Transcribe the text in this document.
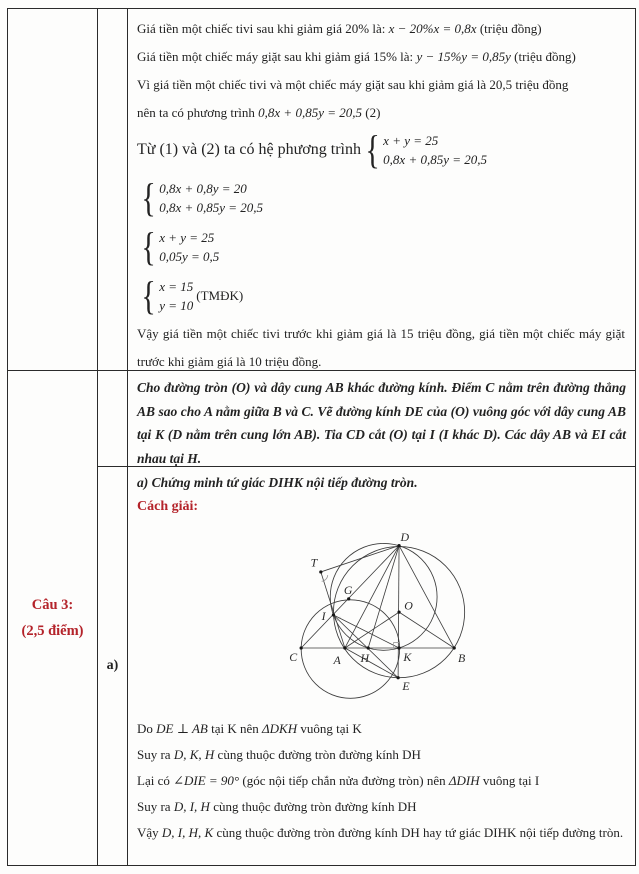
Giá tiền một chiếc tivi sau khi giảm giá 20% là: x − 20%x = 0,8x (triệu đồng)
Giá tiền một chiếc máy giặt sau khi giảm giá 15% là: y − 15%y = 0,85y (triệu đồng)
Vì giá tiền một chiếc tivi và một chiếc máy giặt sau khi giảm giá là 20,5 triệu đồng
nên ta có phương trình 0,8x + 0,85y = 20,5 (2)
Từ (1) và (2) ta có hệ phương trình { x + y = 25
0,8x + 0,85y = 20,5
{ 0,8x + 0,8y = 20
0,8x + 0,85y = 20,5
{ x + y = 25
0,05y = 0,5
{ x = 15
y = 10
(TMĐK)

Vậy giá tiền một chiếc tivi trước khi giảm giá là 15 triệu đồng, giá tiền một chiếc máy giặt trước khi giảm giá là 10 triệu đồng.

Câu 3:
(2,5 điểm)

Cho đường tròn (O) và dây cung AB khác đường kính. Điểm C nằm trên đường thẳng AB sao cho A nằm giữa B và C. Vẽ đường kính DE của (O) vuông góc với dây cung AB tại K (D nằm trên cung lớn AB). Tia CD cắt (O) tại I (I khác D). Các dây AB và EI cắt nhau tại H.

a)

a) Chứng minh tứ giác DIHK nội tiếp đường tròn.

Cách giải:

D
T
G
O
I
C	A H	K	B
E

Do DE ⊥ AB tại K nên ΔDKH vuông tại K

Suy ra D, K, H cùng thuộc đường tròn đường kính DH

Lại có ∠DIE = 90° (góc nội tiếp chắn nửa đường tròn) nên ΔDIH vuông tại I

Suy ra D, I, H cùng thuộc đường tròn đường kính DH

Vậy D, I, H, K cùng thuộc đường tròn đường kính DH hay tứ giác DIHK nội tiếp đường tròn.
